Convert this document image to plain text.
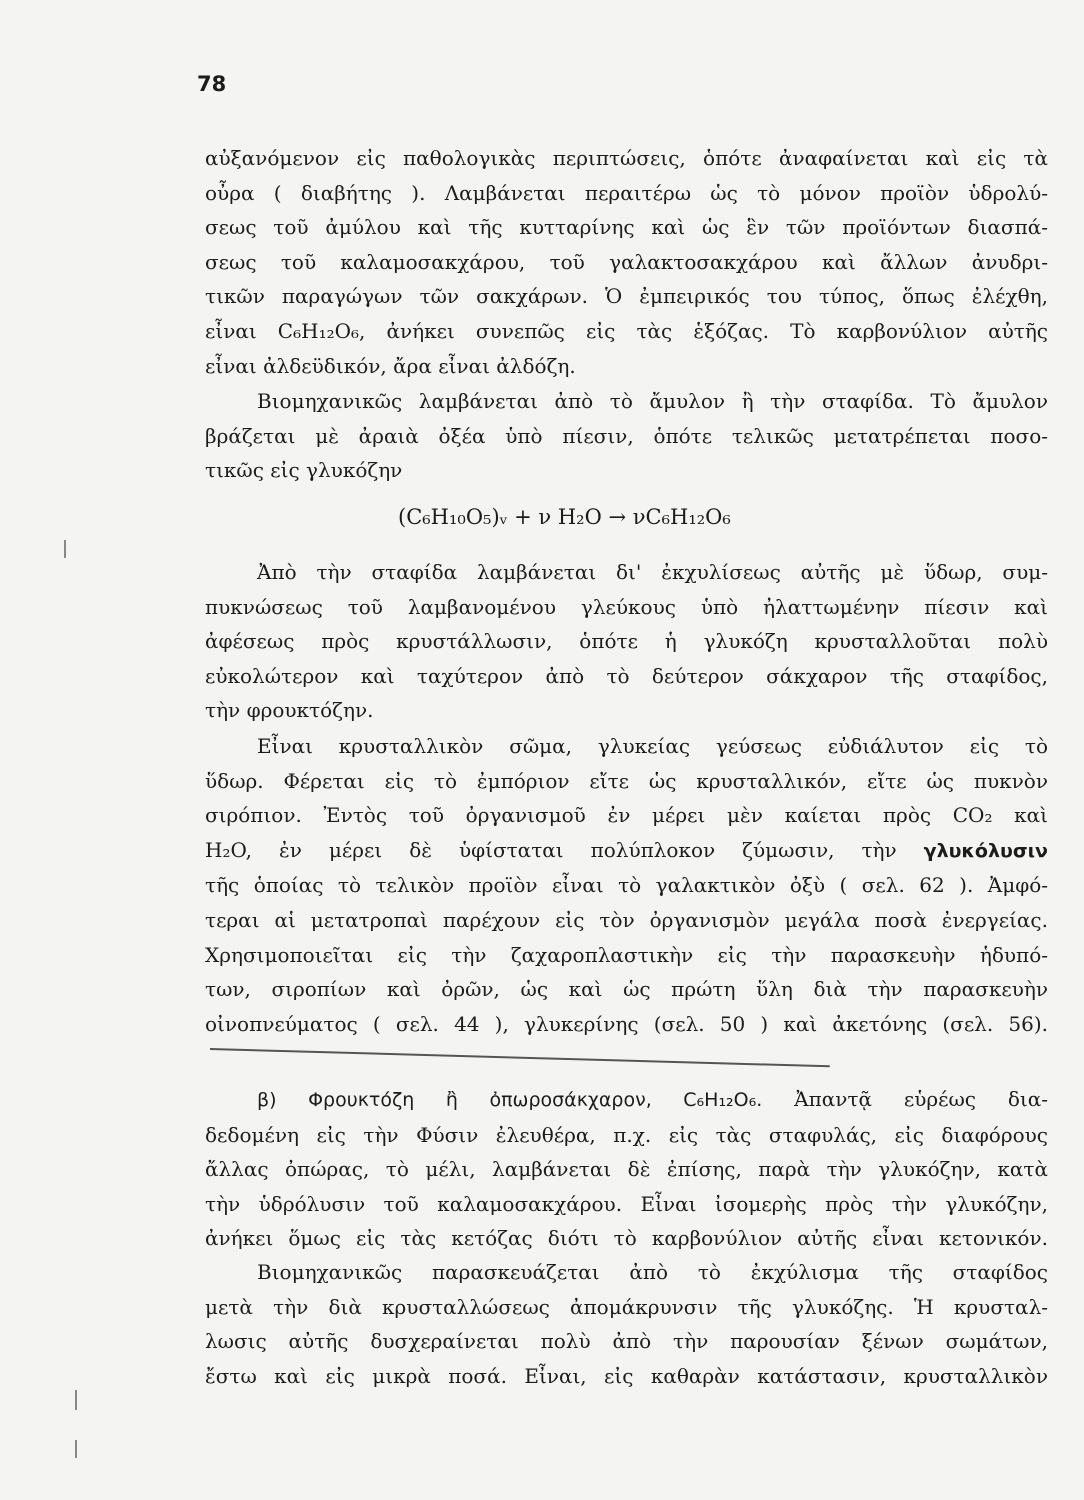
78
αὐξανόμενον εἰς παθολογικὰς περιπτώσεις, ὁπότε ἀναφαίνεται καὶ εἰς τὰ
οὖρα ( διαβήτης ). Λαμβάνεται περαιτέρω ὡς τὸ μόνον προϊὸν ὑδρολύ-
σεως τοῦ ἀμύλου καὶ τῆς κυτταρίνης καὶ ὡς ἓν τῶν προϊόντων διασπά-
σεως τοῦ καλαμοσακχάρου, τοῦ γαλακτοσακχάρου καὶ ἄλλων ἀνυδρι-
τικῶν παραγώγων τῶν σακχάρων. Ὁ ἐμπειρικός του τύπος, ὅπως ἐλέχθη,
εἶναι C₆H₁₂O₆, ἀνήκει συνεπῶς εἰς τὰς ἑξόζας. Τὸ καρβονύλιον αὐτῆς
εἶναι ἀλδεϋδικόν, ἄρα εἶναι ἀλδόζη.
Βιομηχανικῶς λαμβάνεται ἀπὸ τὸ ἄμυλον ἢ τὴν σταφίδα. Τὸ ἄμυλον
βράζεται μὲ ἀραιὰ ὀξέα ὑπὸ πίεσιν, ὁπότε τελικῶς μετατρέπεται ποσο-
τικῶς εἰς γλυκόζην
(C₆H₁₀O₅)ᵥ + ν H₂O → νC₆H₁₂O₆
Ἀπὸ τὴν σταφίδα λαμβάνεται δι' ἐκχυλίσεως αὐτῆς μὲ ὕδωρ, συμ-
πυκνώσεως τοῦ λαμβανομένου γλεύκους ὑπὸ ἠλαττωμένην πίεσιν καὶ
ἀφέσεως πρὸς κρυστάλλωσιν, ὁπότε ἡ γλυκόζη κρυσταλλοῦται πολὺ
εὐκολώτερον καὶ ταχύτερον ἀπὸ τὸ δεύτερον σάκχαρον τῆς σταφίδος,
τὴν φρουκτόζην.
Εἶναι κρυσταλλικὸν σῶμα, γλυκείας γεύσεως εὐδιάλυτον εἰς τὸ
ὕδωρ. Φέρεται εἰς τὸ ἐμπόριον εἴτε ὡς κρυσταλλικόν, εἴτε ὡς πυκνὸν
σιρόπιον. Ἐντὸς τοῦ ὀργανισμοῦ ἐν μέρει μὲν καίεται πρὸς CO₂ καὶ
H₂O, ἐν μέρει δὲ ὑφίσταται πολύπλοκον ζύμωσιν, τὴν γλυκόλυσιν
τῆς ὁποίας τὸ τελικὸν προϊὸν εἶναι τὸ γαλακτικὸν ὀξὺ ( σελ. 62 ). Ἀμφό-
τεραι αἱ μετατροπαὶ παρέχουν εἰς τὸν ὀργανισμὸν μεγάλα ποσὰ ἐνεργείας.
Χρησιμοποιεῖται εἰς τὴν ζαχαροπλαστικὴν εἰς τὴν παρασκευὴν ἡδυπό-
των, σιροπίων καὶ ὀρῶν, ὡς καὶ ὡς πρώτη ὕλη διὰ τὴν παρασκευὴν
οἰνοπνεύματος ( σελ. 44 ), γλυκερίνης (σελ. 50 ) καὶ ἀκετόνης (σελ. 56).
β) Φρουκτόζη ἢ ὀπωροσάκχαρον, C₆H₁₂O₆. Ἀπαντᾷ εὑρέως δια-
δεδομένη εἰς τὴν Φύσιν ἐλευθέρα, π.χ. εἰς τὰς σταφυλάς, εἰς διαφόρους
ἄλλας ὀπώρας, τὸ μέλι, λαμβάνεται δὲ ἐπίσης, παρὰ τὴν γλυκόζην, κατὰ
τὴν ὑδρόλυσιν τοῦ καλαμοσακχάρου. Εἶναι ἰσομερὴς πρὸς τὴν γλυκόζην,
ἀνήκει ὅμως εἰς τὰς κετόζας διότι τὸ καρβονύλιον αὐτῆς εἶναι κετονικόν.
Βιομηχανικῶς παρασκευάζεται ἀπὸ τὸ ἐκχύλισμα τῆς σταφίδος
μετὰ τὴν διὰ κρυσταλλώσεως ἀπομάκρυνσιν τῆς γλυκόζης. Ἡ κρυσταλ-
λωσις αὐτῆς δυσχεραίνεται πολὺ ἀπὸ τὴν παρουσίαν ξένων σωμάτων,
ἔστω καὶ εἰς μικρὰ ποσά. Εἶναι, εἰς καθαρὰν κατάστασιν, κρυσταλλικὸν
